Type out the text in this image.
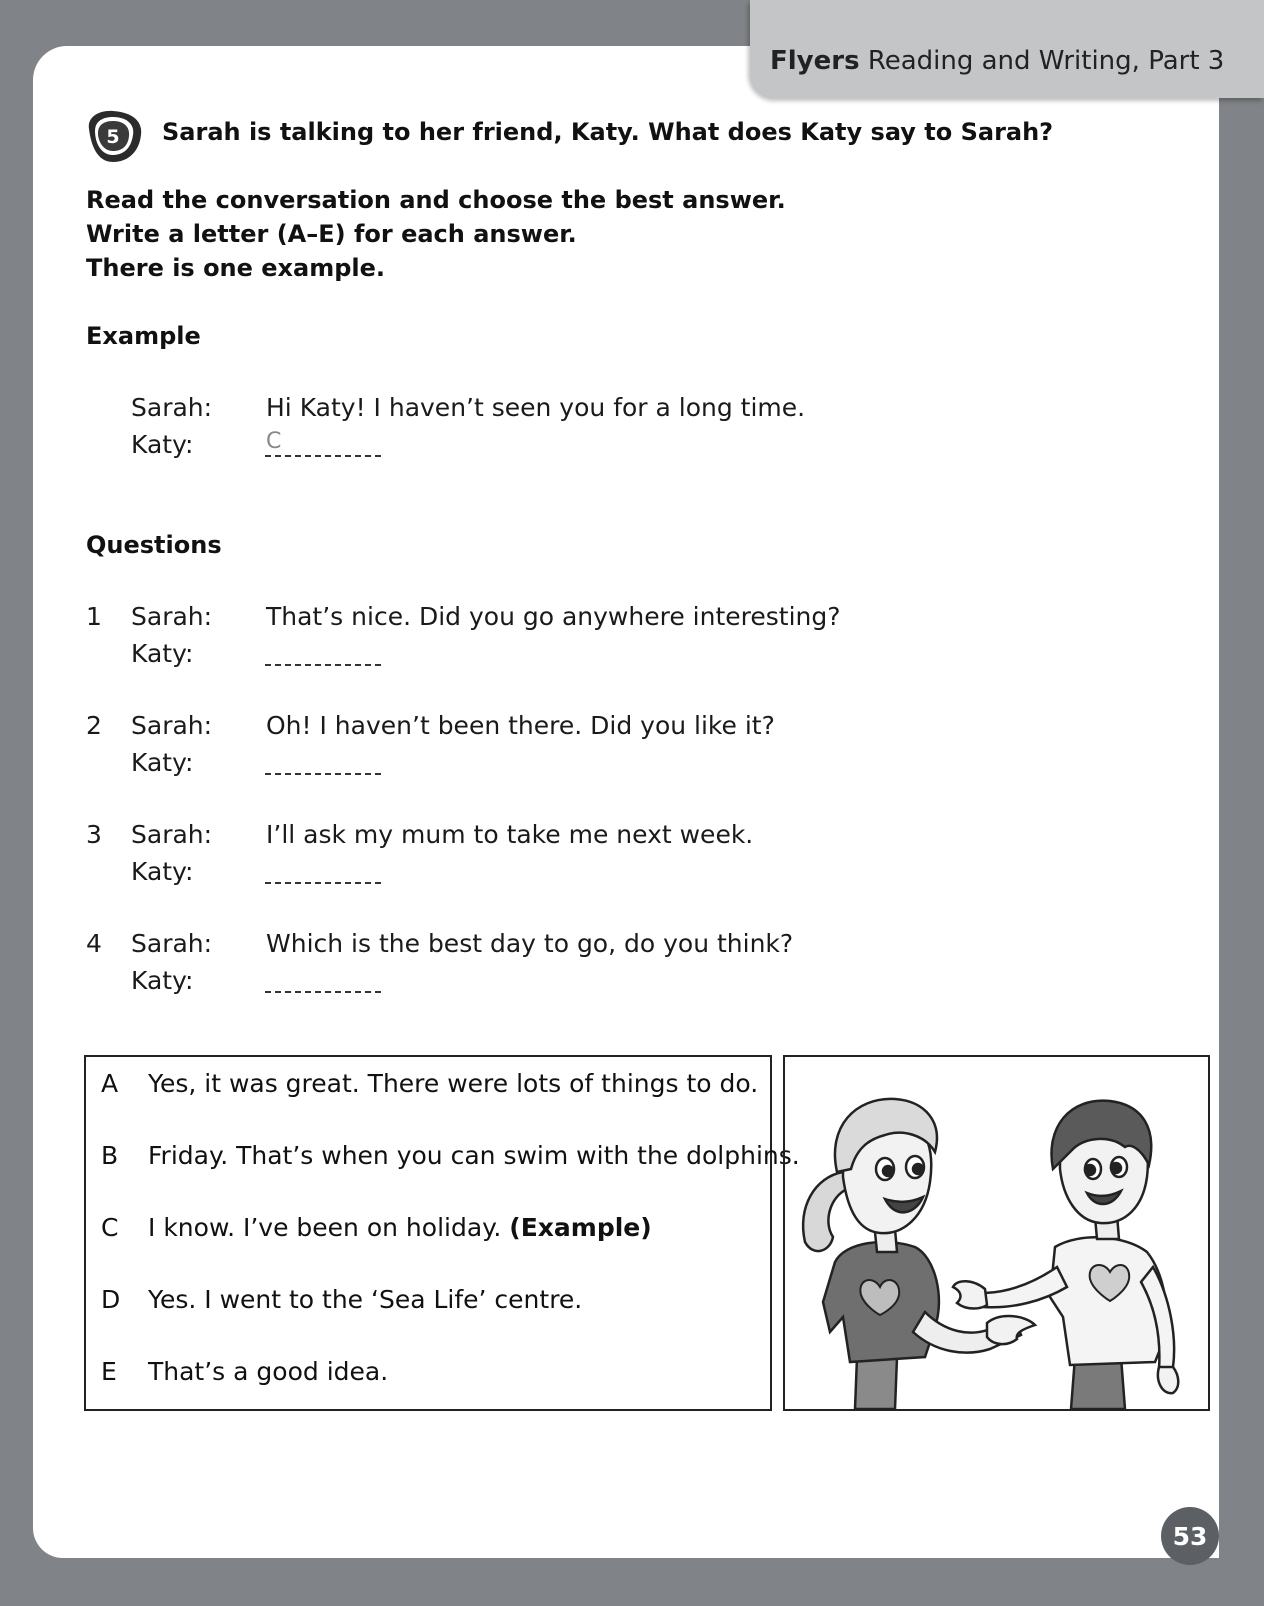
Flyers Reading and Writing, Part 3
5 Sarah is talking to her friend, Katy. What does Katy say to Sarah?
Read the conversation and choose the best answer.
Write a letter (A–E) for each answer.
There is one example.
Example
Sarah: Hi Katy! I haven’t seen you for a long time.
Katy:	C
Questions
1 Sarah: That’s nice. Did you go anywhere interesting?
Katy:
2 Sarah: Oh! I haven’t been there. Did you like it?
Katy:
3 Sarah: I’ll ask my mum to take me next week.
Katy:
4 Sarah: Which is the best day to go, do you think?
Katy:
A Yes, it was great. There were lots of things to do.
B Friday. That’s when you can swim with the dolphins.
C I know. I’ve been on holiday. (Example)
D Yes. I went to the ‘Sea Life’ centre.
E That’s a good idea.
53
